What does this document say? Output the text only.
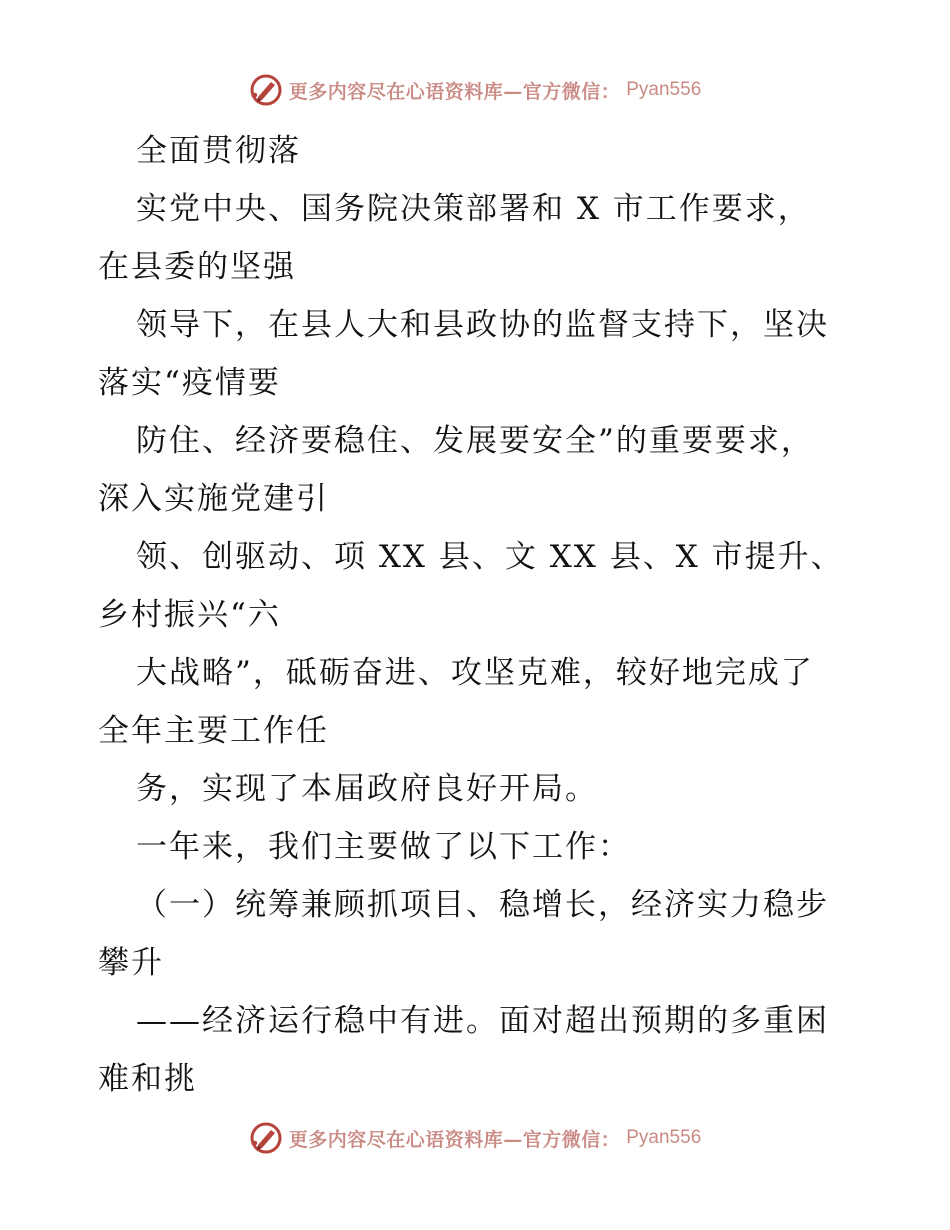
更多内容尽在心语资料库—官方微信： Pyan556
全面贯彻落
实党中央、国务院决策部署和 X 市工作要求，
在县委的坚强
领导下，在县人大和县政协的监督支持下，坚决
落实“疫情要
防住、经济要稳住、发展要安全”的重要要求，
深入实施党建引
领、创驱动、项 XX 县、文 XX 县、X 市提升、
乡村振兴“六
大战略”，砥砺奋进、攻坚克难，较好地完成了
全年主要工作任
务，实现了本届政府良好开局。
一年来，我们主要做了以下工作：
（一）统筹兼顾抓项目、稳增长，经济实力稳步
攀升
——经济运行稳中有进。面对超出预期的多重困
难和挑
更多内容尽在心语资料库—官方微信： Pyan556
